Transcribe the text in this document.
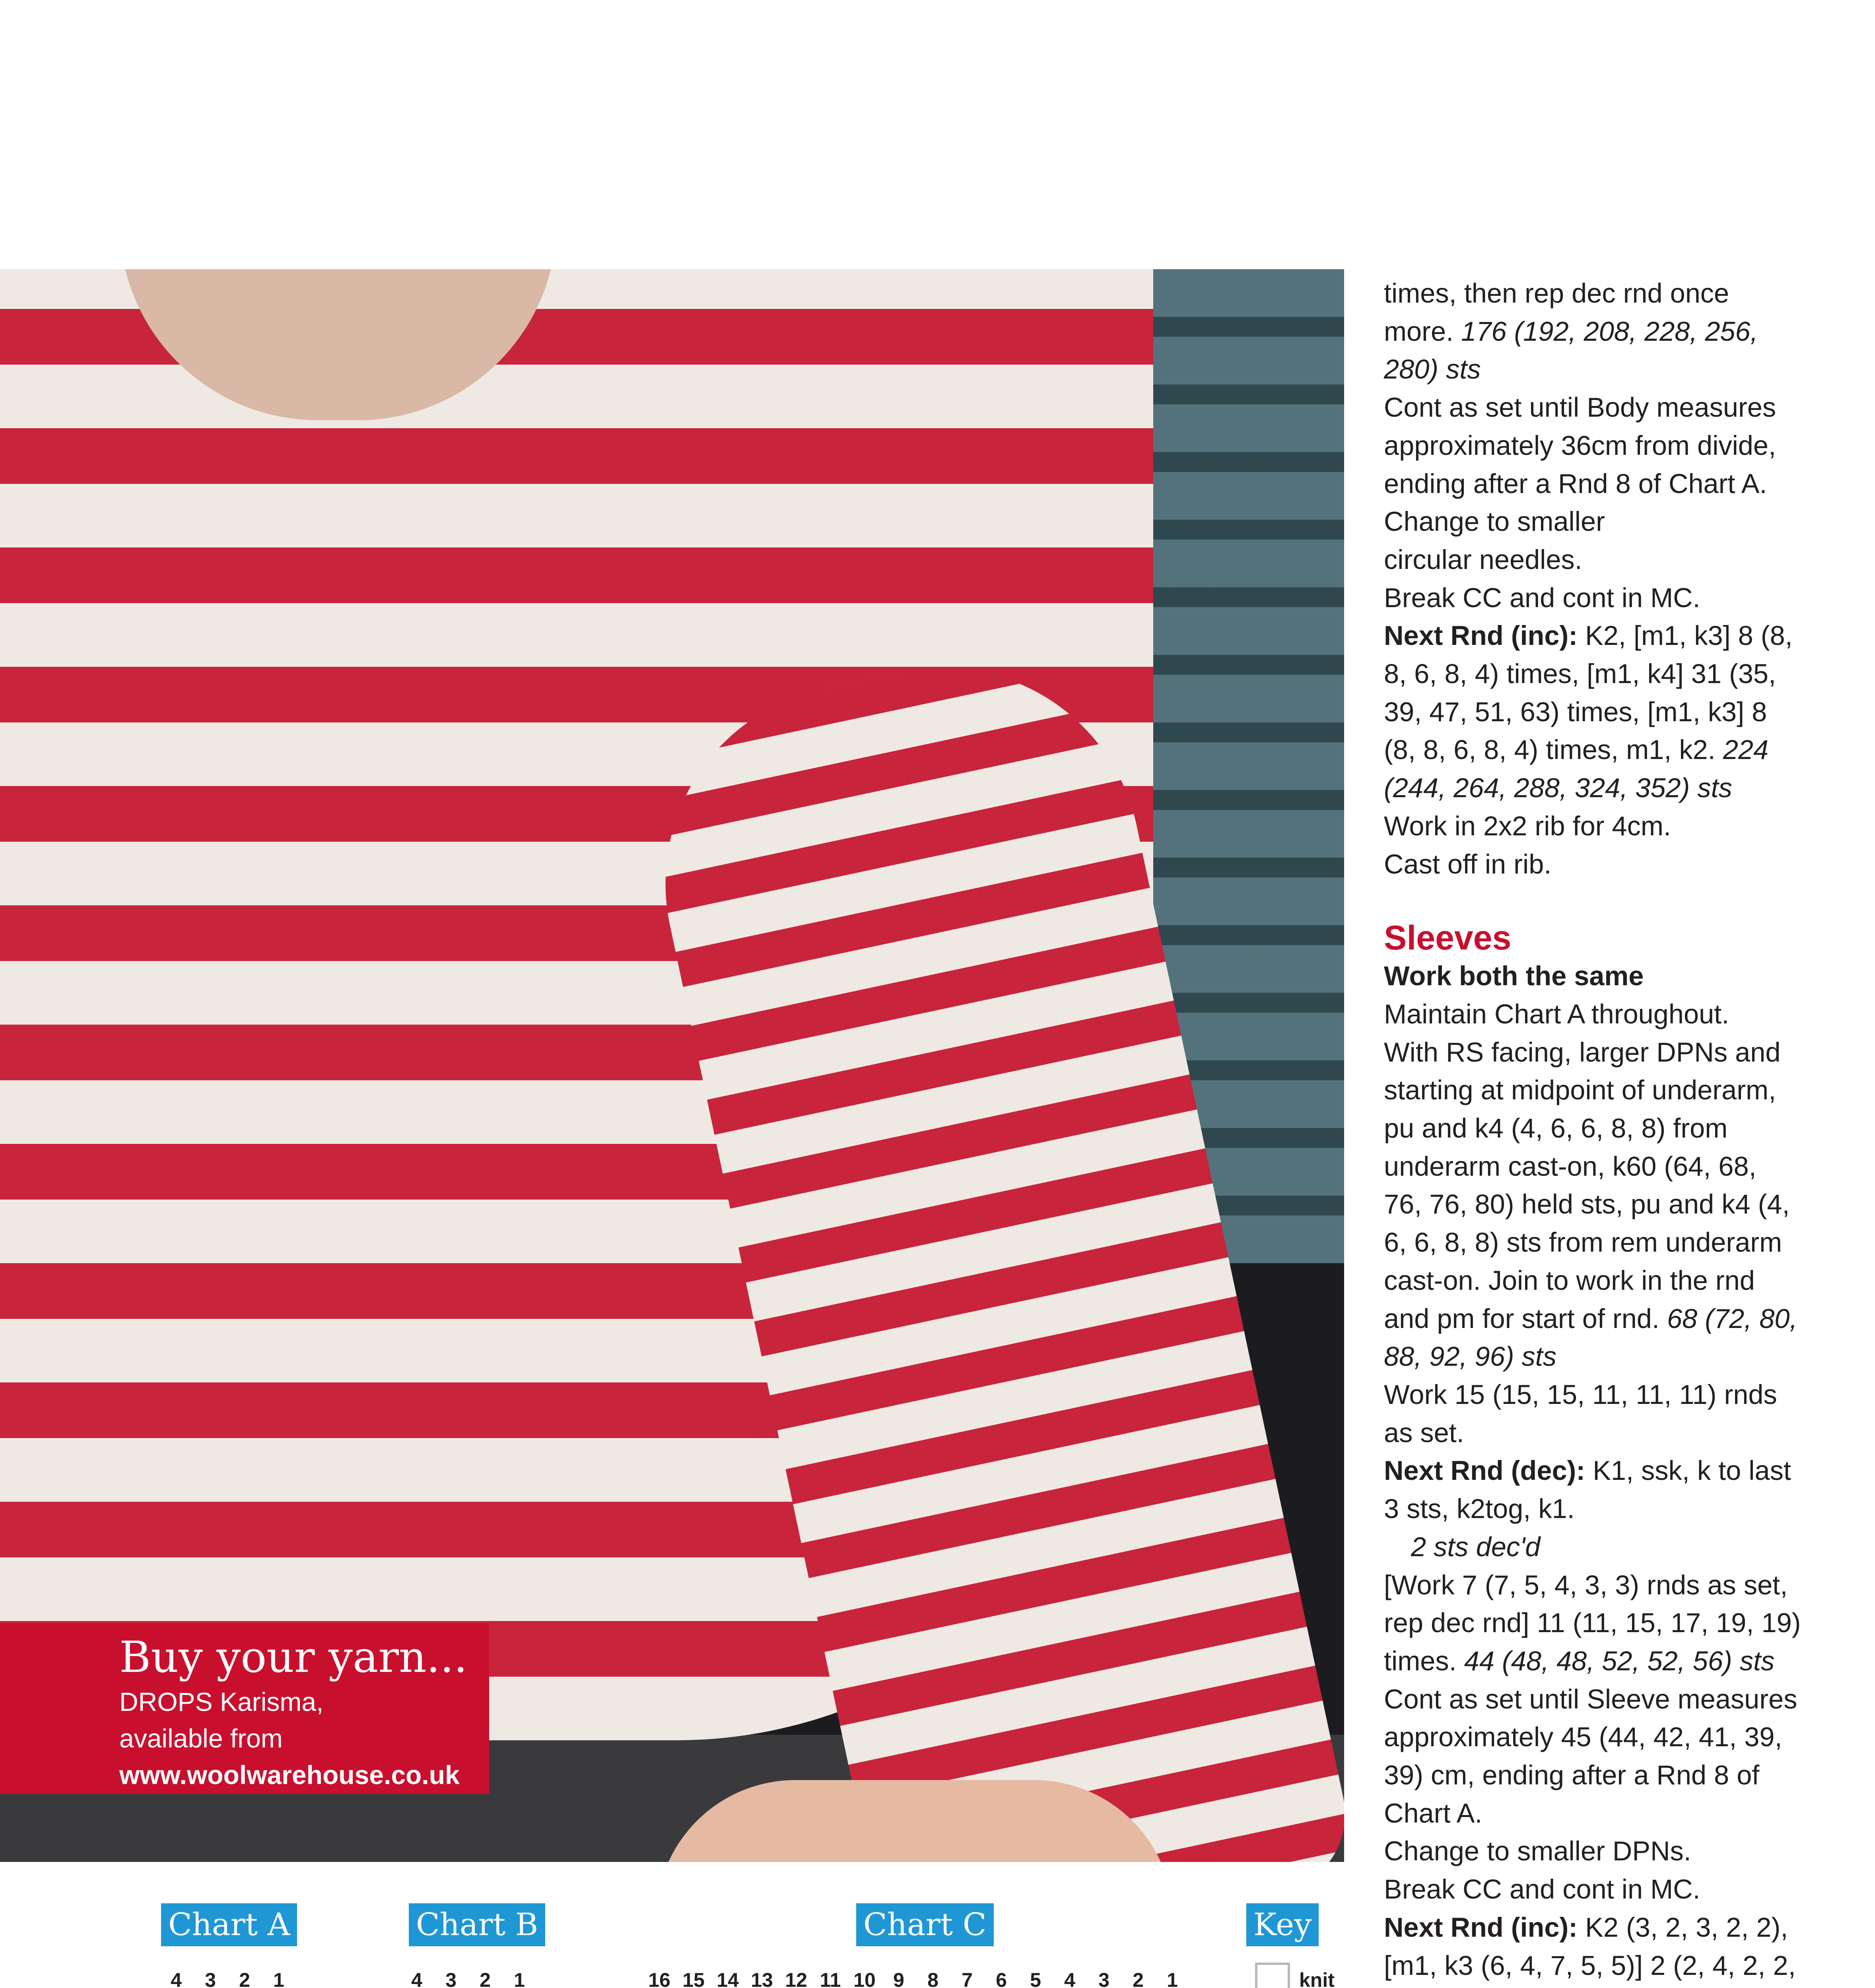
Buy your yarn...

DROPS Karisma,

available from

www.woolwarehouse.co.uk

times, then rep dec rnd once more. 176 (192, 208, 228, 256, 280) sts

Cont as set until Body measures approximately 36cm from divide, ending after a Rnd 8 of Chart A.

Change to smaller

circular needles.

Break CC and cont in MC.

Next Rnd (inc): K2, [m1, k3] 8 (8, 8, 6, 8, 4) times, [m1, k4] 31 (35, 39, 47, 51, 63) times, [m1, k3] 8 (8, 8, 6, 8, 4) times, m1, k2. 224 (244, 264, 288, 324, 352) sts

Work in 2x2 rib for 4cm.

Cast off in rib.

Sleeves

Work both the same

Maintain Chart A throughout.

With RS facing, larger DPNs and starting at midpoint of underarm, pu and k4 (4, 6, 6, 8, 8) from underarm cast-on, k60 (64, 68, 76, 76, 80) held sts, pu and k4 (4, 6, 6, 8, 8) sts from rem underarm cast-on. Join to work in the rnd and pm for start of rnd. 68 (72, 80, 88, 92, 96) sts

Work 15 (15, 15, 11, 11, 11) rnds as set.

Next Rnd (dec): K1, ssk, k to last 3 sts, k2tog, k1.

2 sts dec'd

[Work 7 (7, 5, 4, 3, 3) rnds as set, rep dec rnd] 11 (11, 15, 17, 19, 19) times. 44 (48, 48, 52, 52, 56) sts

Cont as set until Sleeve measures approximately 45 (44, 42, 41, 39, 39) cm, ending after a Rnd 8 of Chart A.

Change to smaller DPNs.

Break CC and cont in MC.

Next Rnd (inc): K2 (3, 2, 3, 2, 2), [m1, k3 (6, 4, 7, 5, 5)] 2 (2, 4, 2, 2,

Chart A	Chart B	Chart C	Key
4 3 2 1	4 3 2 1	16 15 14 13 12 11 10 9 8 7 6 5 4 3 2 1	knit
